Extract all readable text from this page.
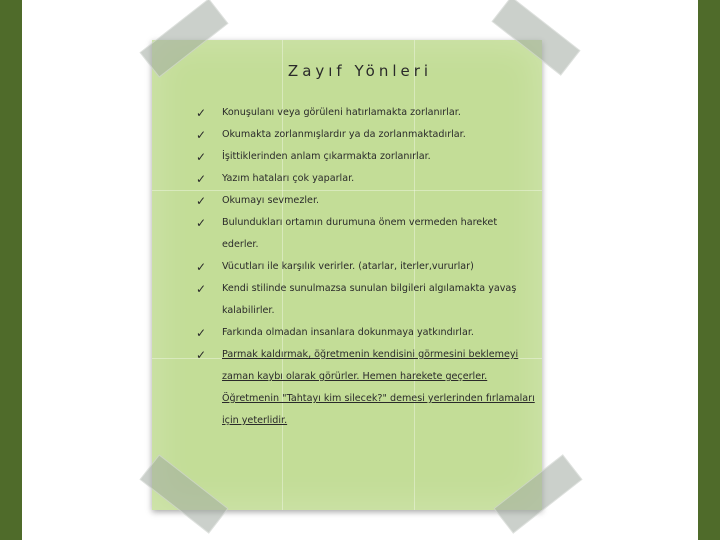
Zayıf Yönleri
✓ Konuşulanı veya görüleni hatırlamakta zorlanırlar.
✓ Okumakta zorlanmışlardır ya da zorlanmaktadırlar.
✓ İşittiklerinden anlam çıkarmakta zorlanırlar.
✓ Yazım hataları çok yaparlar.
✓ Okumayı sevmezler.
✓ Bulundukları ortamın durumuna önem vermeden hareket ederler.
✓ Vücutları ile karşılık verirler. (atarlar, iterler,vururlar)
✓ Kendi stilinde sunulmazsa sunulan bilgileri algılamakta yavaş kalabilirler.
✓ Farkında olmadan insanlara dokunmaya yatkındırlar.
✓ Parmak kaldırmak, öğretmenin kendisini görmesini beklemeyi zaman kaybı olarak görürler. Hemen harekete geçerler. Öğretmenin "Tahtayı kim silecek?" demesi yerlerinden fırlamaları için yeterlidir.
